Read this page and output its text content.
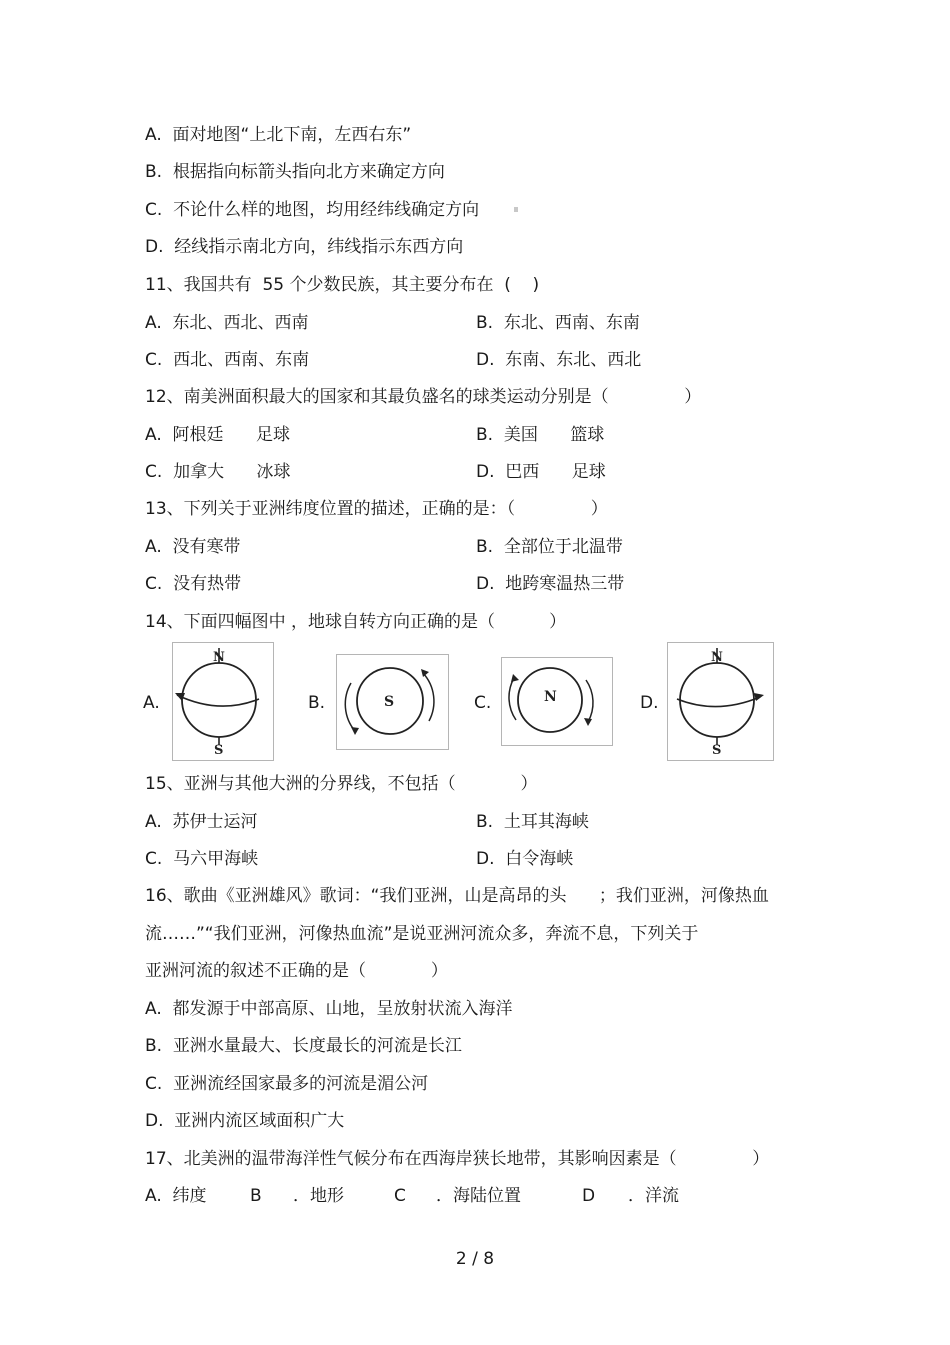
A.  面对地图“上北下南，左西右东”
B.  根据指向标箭头指向北方来确定方向
C.  不论什么样的地图，均用经纬线确定方向
D.  经线指示南北方向，纬线指示东西方向
11、我国共有  55 个少数民族，其主要分布在  (    )
A.  东北、西北、西南	B.  东北、西南、东南
C.  西北、西南、东南	D.  东南、东北、西北
12、南美洲面积最大的国家和其最负盛名的球类运动分别是（              ）
A.  阿根廷      足球	B.  美国      篮球
C.  加拿大      冰球	D.  巴西      足球
13、下列关于亚洲纬度位置的描述，正确的是：（              ）
A.  没有寒带	B.  全部位于北温带
C.  没有热带	D.  地跨寒温热三带
14、下面四幅图中 ，地球自转方向正确的是（          ）
A.
N
S
B.	S	C.	N	D.
N
S
15、亚洲与其他大洲的分界线，不包括（            ）
A.  苏伊士运河	B.  土耳其海峡
C.  马六甲海峡	D.  白令海峡
16、歌曲《亚洲雄风》歌词：“我们亚洲，山是高昂的头      ；我们亚洲，河像热血
流……”“我们亚洲，河像热血流”是说亚洲河流众多，奔流不息，下列关于
亚洲河流的叙述不正确的是（            ）
A.  都发源于中部高原、山地，呈放射状流入海洋
B.  亚洲水量最大、长度最长的河流是长江
C.  亚洲流经国家最多的河流是湄公河
D.  亚洲内流区域面积广大
17、北美洲的温带海洋性气候分布在西海岸狭长地带，其影响因素是（              ）
A.  纬度	B ．地形	C ．海陆位置	D ．洋流
2 / 8
